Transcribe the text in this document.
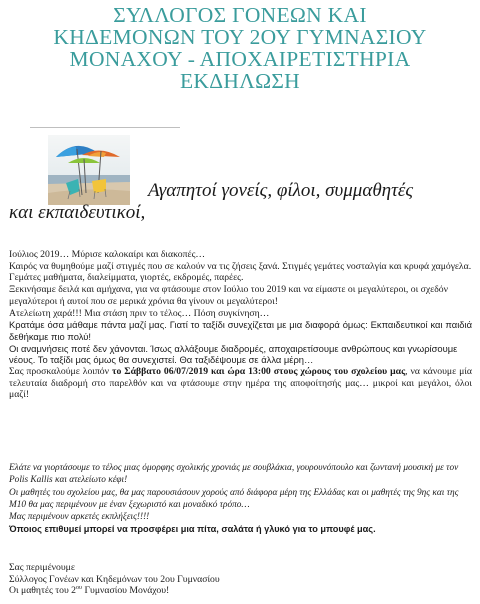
ΣΥΛΛΟΓΟΣ ΓΟΝΕΩΝ ΚΑΙ
ΚΗΔΕΜΟΝΩΝ ΤΟΥ 2ΟΥ ΓΥΜΝΑΣΙΟΥ
ΜΟΝΑΧΟΥ - ΑΠΟΧΑΙΡΕΤΙΣΤΗΡΙΑ
ΕΚΔΗΛΩΣΗ
Αγαπητοί γονείς, φίλοι, συμμαθητές
και εκπαιδευτικοί,

Ιούλιος 2019… Μύρισε καλοκαίρι και διακοπές…

Καιρός να θυμηθούμε μαζί στιγμές που σε καλούν να τις ζήσεις ξανά. Στιγμές γεμάτες νοσταλγία και κρυφά χαμόγελα. Γεμάτες μαθήματα, διαλείμματα, γιορτές, εκδρομές, παρέες.

Ξεκινήσαμε δειλά και αμήχανα, για να φτάσουμε στον Ιούλιο του 2019 και να είμαστε οι μεγαλύτεροι, οι σχεδόν μεγαλύτεροι ή αυτοί που σε μερικά χρόνια θα γίνουν οι μεγαλύτεροι!

Ατελείωτη χαρά!!! Μια στάση πριν το τέλος… Πόση συγκίνηση…

Κρατάμε όσα μάθαμε πάντα μαζί μας. Γιατί το ταξίδι συνεχίζεται με μια διαφορά όμως: Εκπαιδευτικοί και παιδιά δεθήκαμε πιο πολύ!

Οι αναμνήσεις ποτέ δεν χάνονται. Ίσως αλλάξουμε διαδρομές, αποχαιρετίσουμε ανθρώπους και γνωρίσουμε νέους. Το ταξίδι μας όμως θα συνεχιστεί. Θα ταξιδέψουμε σε άλλα μέρη…

Σας προσκαλούμε λοιπόν το Σάββατο 06/07/2019 και ώρα 13:00 στους χώρους του σχολείου μας, να κάνουμε μία τελευταία διαδρομή στο παρελθόν και να φτάσουμε στην ημέρα της αποφοίτησής μας… μικροί και μεγάλοι, όλοι μαζί!

Ελάτε να γιορτάσουμε το τέλος μιας όμορφης σχολικής χρονιάς με σουβλάκια, γουρουνόπουλο και ζωντανή μουσική με τον Polis Kallis και ατελείωτο κέφι!

Οι μαθητές του σχολείου μας, θα μας παρουσιάσουν χορούς από διάφορα μέρη της Ελλάδας και οι μαθητές της 9ης και της Μ10 θα μας περιμένουν με έναν ξεχωριστό και μοναδικό τρόπο…

Μας περιμένουν αρκετές εκπλήξεις!!!!

Όποιος επιθυμεί μπορεί να προσφέρει μια πίτα, σαλάτα ή γλυκό για το μπουφέ μας.

Σας περιμένουμε

Σύλλογος Γονέων και Κηδεμόνων του 2ου Γυμνασίου

Οι μαθητές του $2^{o\upsilon}$ Γυμνασίου Μονάχου!
